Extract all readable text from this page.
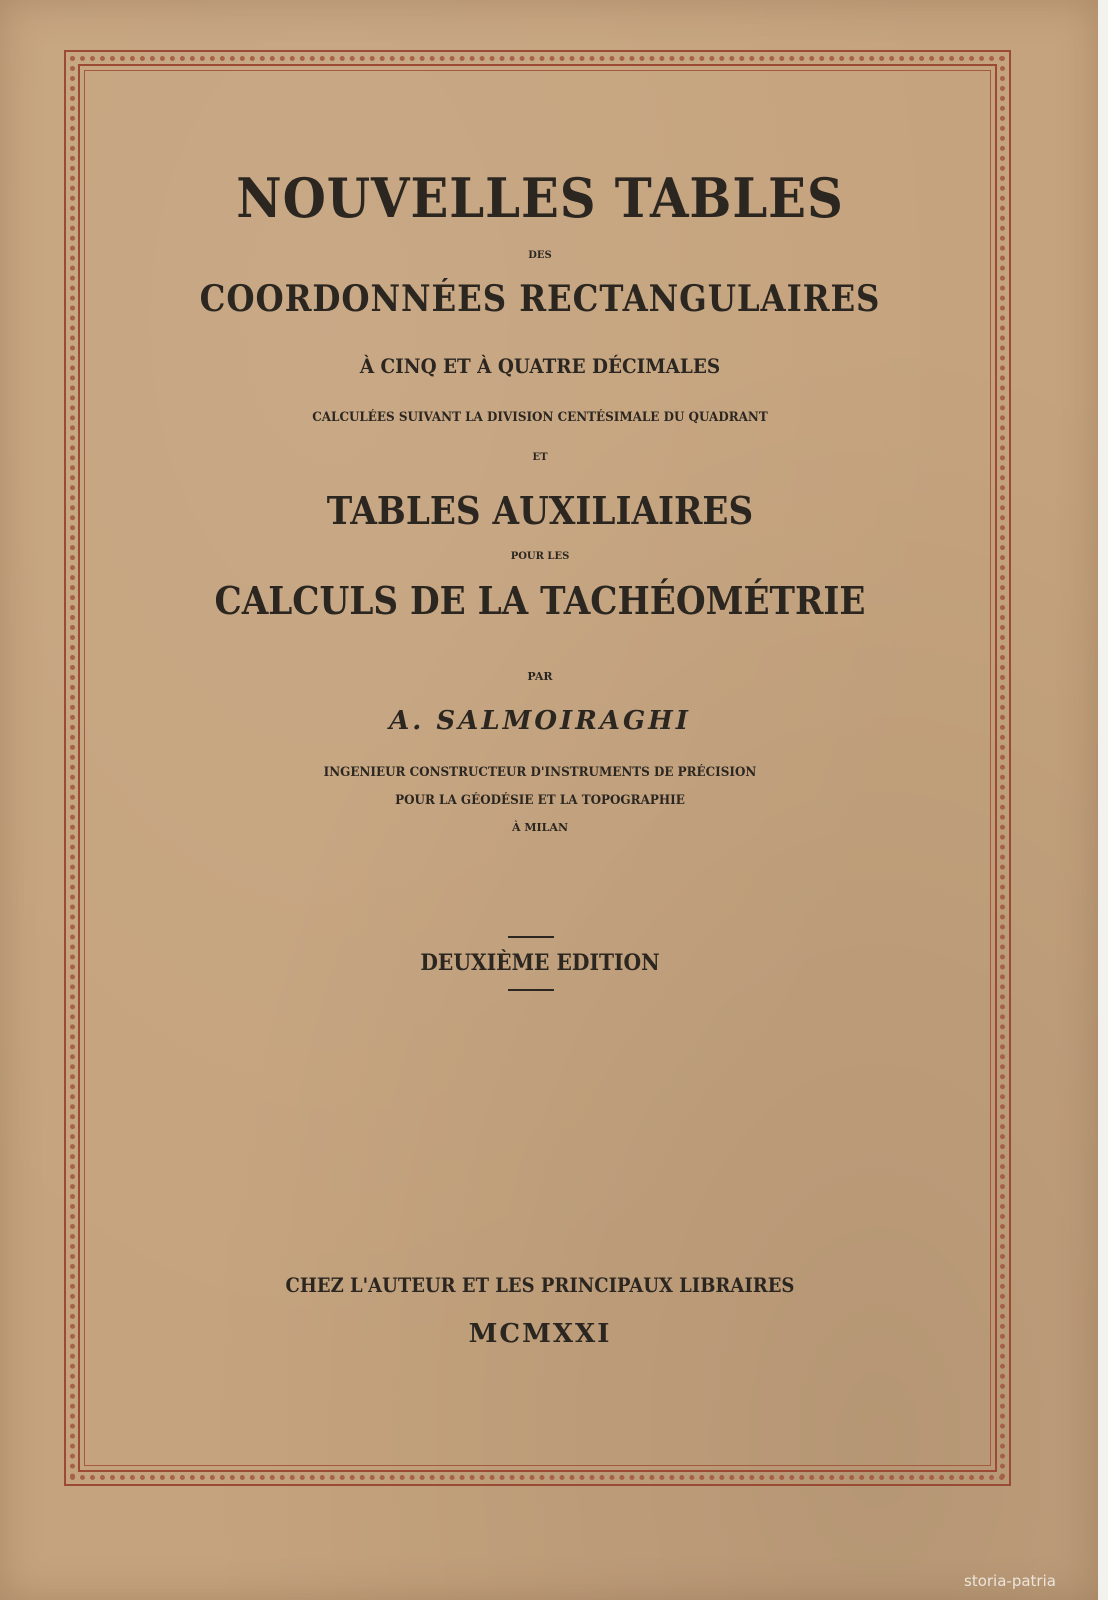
NOUVELLES TABLES
DES
COORDONNÉES RECTANGULAIRES
À CINQ ET À QUATRE DÉCIMALES
CALCULÉES SUIVANT LA DIVISION CENTÉSIMALE DU QUADRANT
ET
TABLES AUXILIAIRES
POUR LES
CALCULS DE LA TACHÉOMÉTRIE
PAR
A. SALMOIRAGHI
INGENIEUR CONSTRUCTEUR D'INSTRUMENTS DE PRÉCISION
POUR LA GÉODÉSIE ET LA TOPOGRAPHIE
À MILAN
DEUXIÈME EDITION
CHEZ L'AUTEUR ET LES PRINCIPAUX LIBRAIRES
MCMXXI
storia-patria
